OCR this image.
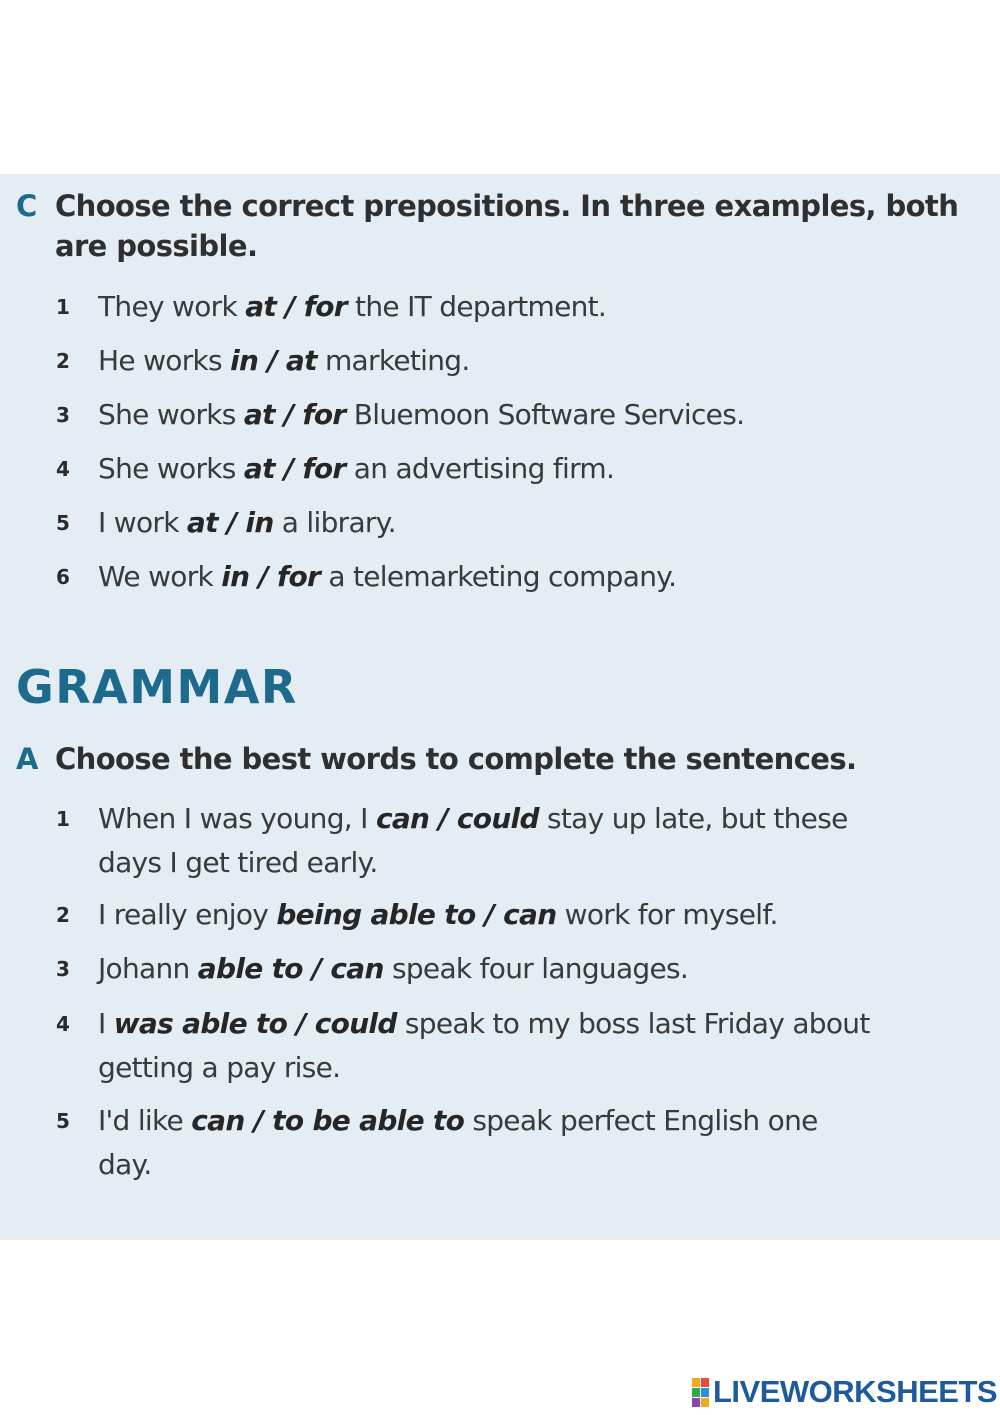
C Choose the correct prepositions. In three examples, both
are possible.
1 They work at / for the IT department.
2 He works in / at marketing.
3 She works at / for Bluemoon Software Services.
4 She works at / for an advertising firm.
5 I work at / in a library.
6 We work in / for a telemarketing company.
GRAMMAR
A Choose the best words to complete the sentences.
1 When I was young, I can / could stay up late, but these days I get tired early.
2 I really enjoy being able to / can work for myself.
3 Johann able to / can speak four languages.
4 I was able to / could speak to my boss last Friday about getting a pay rise.
5 I'd like can / to be able to speak perfect English one day.
LIVEWORKSHEETS
